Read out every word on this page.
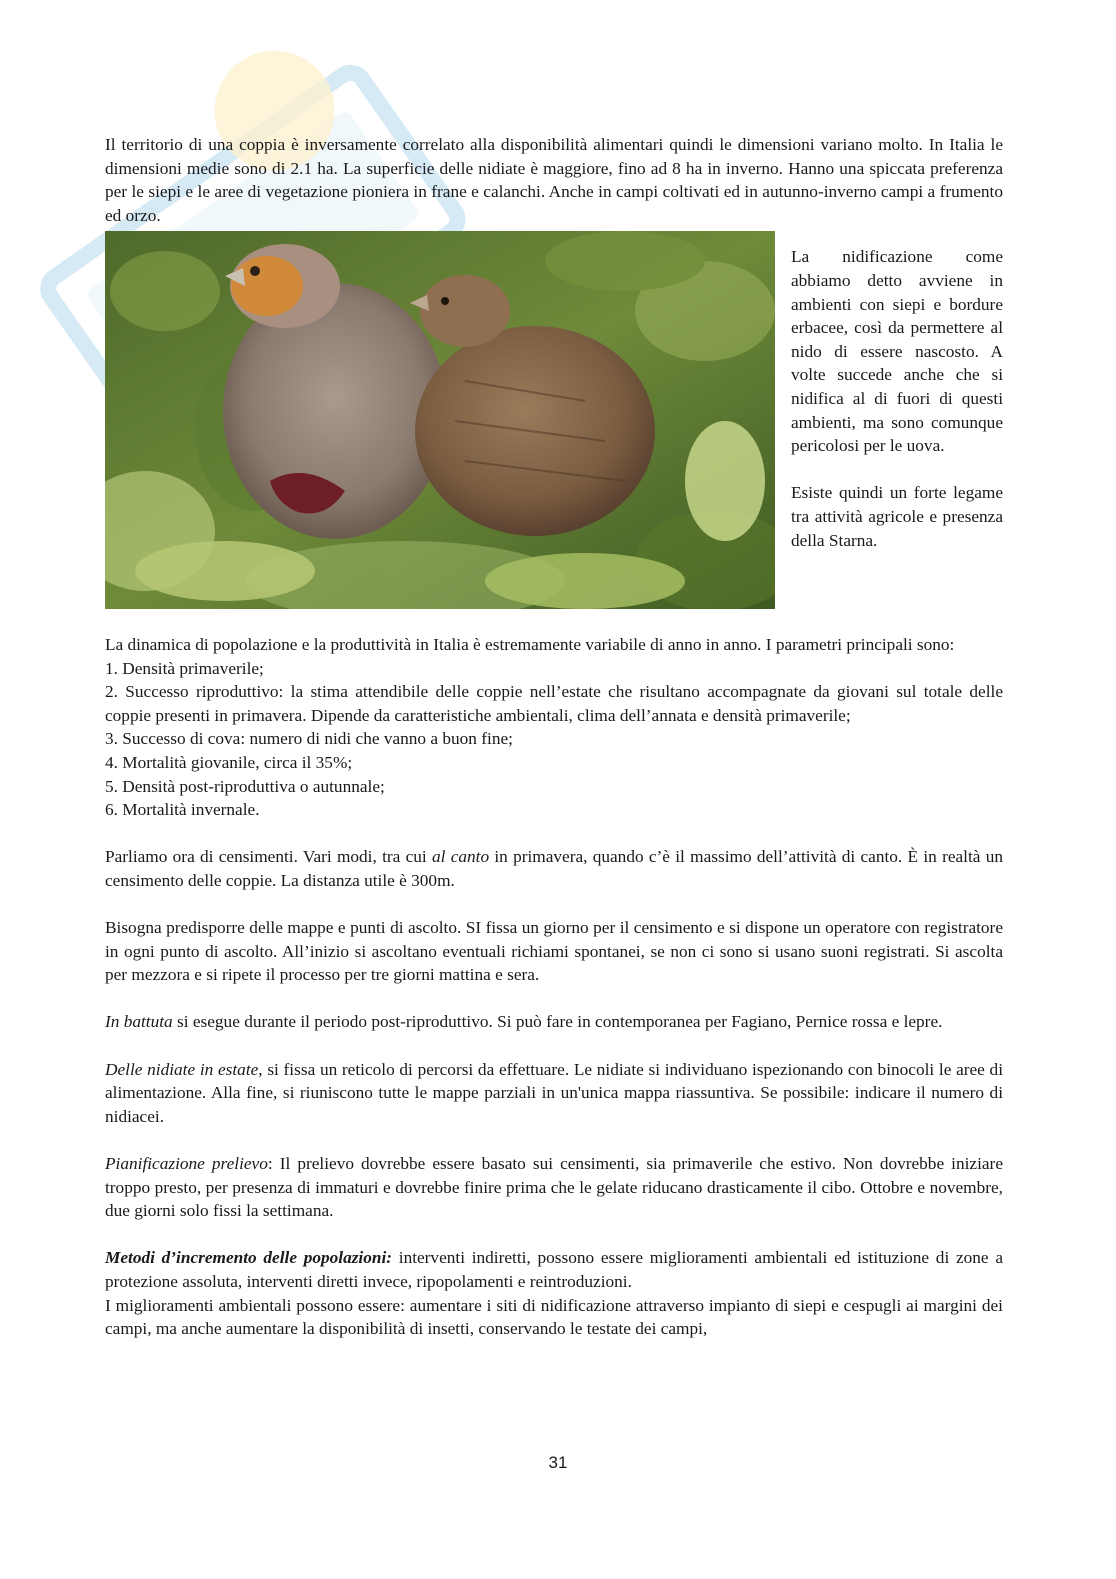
Il territorio di una coppia è inversamente correlato alla disponibilità alimentari quindi le dimensioni variano molto. In Italia le dimensioni medie sono di 2.1 ha. La superficie delle nidiate è maggiore, fino ad 8 ha in inverno. Hanno una spiccata preferenza per le siepi e le aree di vegetazione pioniera in frane e calanchi. Anche in campi coltivati ed in autunno-inverno campi a frumento ed orzo.

La nidificazione come abbiamo detto avviene in ambienti con siepi e bordure erbacee, così da permettere al nido di essere nascosto. A volte succede anche che si nidifica al di fuori di questi ambienti, ma sono comunque pericolosi per le uova.

Esiste quindi un forte legame tra attività agricole e presenza della Starna.

La dinamica di popolazione e la produttività in Italia è estremamente variabile di anno in anno. I parametri principali sono:

1. Densità primaverile;

2. Successo riproduttivo: la stima attendibile delle coppie nell’estate che risultano accompagnate da giovani sul totale delle coppie presenti in primavera. Dipende da caratteristiche ambientali, clima dell’annata e densità primaverile;

3. Successo di cova: numero di nidi che vanno a buon fine;

4. Mortalità giovanile, circa il 35%;

5. Densità post-riproduttiva o autunnale;

6. Mortalità invernale.

Parliamo ora di censimenti. Vari modi, tra cui al canto in primavera, quando c’è il massimo dell’attività di canto. È in realtà un censimento delle coppie. La distanza utile è 300m.

Bisogna predisporre delle mappe e punti di ascolto. SI fissa un giorno per il censimento e si dispone un operatore con registratore in ogni punto di ascolto. All’inizio si ascoltano eventuali richiami spontanei, se non ci sono si usano suoni registrati. Si ascolta per mezzora e si ripete il processo per tre giorni mattina e sera.

In battuta si esegue durante il periodo post-riproduttivo. Si può fare in contemporanea per Fagiano, Pernice rossa e lepre.

Delle nidiate in estate, si fissa un reticolo di percorsi da effettuare. Le nidiate si individuano ispezionando con binocoli le aree di alimentazione. Alla fine, si riuniscono tutte le mappe parziali in un'unica mappa riassuntiva. Se possibile: indicare il numero di nidiacei.

Pianificazione prelievo: Il prelievo dovrebbe essere basato sui censimenti, sia primaverile che estivo. Non dovrebbe iniziare troppo presto, per presenza di immaturi e dovrebbe finire prima che le gelate riducano drasticamente il cibo. Ottobre e novembre, due giorni solo fissi la settimana.

Metodi d’incremento delle popolazioni: interventi indiretti, possono essere miglioramenti ambientali ed istituzione di zone a protezione assoluta, interventi diretti invece, ripopolamenti e reintroduzioni.

I miglioramenti ambientali possono essere: aumentare i siti di nidificazione attraverso impianto di siepi e cespugli ai margini dei campi, ma anche aumentare la disponibilità di insetti, conservando le testate dei campi,

31
